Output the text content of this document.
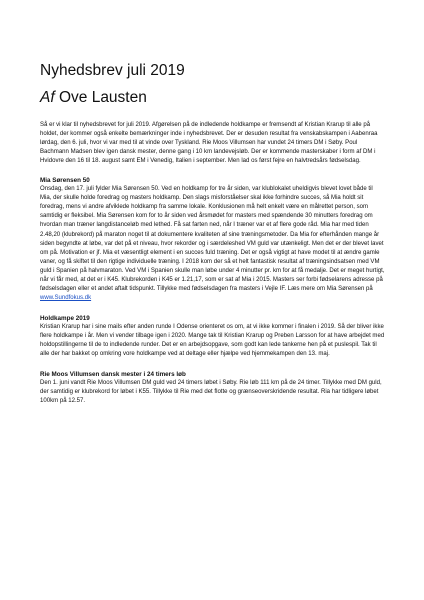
Nyhedsbrev juli 2019
Af Ove Lausten

Så er vi klar til nyhedsbrevet for juli 2019. Afgørelsen på de indledende holdkampe er fremsendt af Kristian Krarup til alle på holdet, der kommer også enkelte bemærkninger inde i nyhedsbrevet. Der er desuden resultat fra venskabskampen i Aabenraa lørdag, den 6. juli, hvor vi var med til at vinde over Tyskland. Rie Moos Villumsen har vundet 24 timers DM i Søby. Poul Bachmann Madsen blev igen dansk mester, denne gang i 10 km landevejsløb. Der er kommende masterskaber i form af DM i Hvidovre den 16 til 18. august samt EM i Venedig, Italien i september. Men lad os først fejre en halvtredsårs fødselsdag.

Mia Sørensen 50

Onsdag, den 17. juli fylder Mia Sørensen 50. Ved en holdkamp for tre år siden, var klublokalet uheldigvis blevet lovet både til Mia, der skulle holde foredrag og masters holdkamp. Den slags misforståelser skal ikke forhindre succes, så Mia holdt sit foredrag, mens vi andre afviklede holdkamp fra samme lokale. Konklusionen må helt enkelt være en målrettet person, som samtidig er fleksibel. Mia Sørensen kom for to år siden ved årsmødet for masters med spændende 30 minutters foredrag om hvordan man træner langdistanceløb med lethed. Få sat farten ned, når I træner var et af flere gode råd. Mia har med tiden 2.48,20 (klubrekord) på maraton noget til at dokumentere kvaliteten af sine træningsmetoder. Da Mia for efterhånden mange år siden begyndte at løbe, var det på et niveau, hvor rekorder og i særdeleshed VM guld var utænkeligt. Men det er der blevet lavet om på. Motivation er jf. Mia et væsentligt element i en succes fuld træning. Det er også vigtigt at have modet til at ændre gamle vaner, og få skiftet til den rigtige individuelle træning. I 2018 kom der så et helt fantastisk resultat af træningsindsatsen med VM guld i Spanien på halvmaraton. Ved VM i Spanien skulle man løbe under 4 minutter pr. km for at få medalje. Det er meget hurtigt, når vi får med, at det er i K45. Klubrekorden i K45 er 1.21,17, som er sat af Mia i 2015. Masters ser forbi fødselarens adresse på fødselsdagen eller et andet aftalt tidspunkt. Tillykke med fødselsdagen fra masters i Vejle IF. Læs mere om Mia Sørensen på www.Sundfokus.dk

Holdkampe 2019

Kristian Krarup har i sine mails efter anden runde I Odense orienteret os om, at vi ikke kommer i finalen i 2019. Så der bliver ikke flere holdkampe i år. Men vi vender tilbage igen i 2020. Mange tak til Kristian Krarup og Preben Larsson for at have arbejdet med holdopstillingerne til de to indledende runder. Det er en arbejdsopgave, som godt kan lede tankerne hen på et puslespil. Tak til alle der har bakket op omkring vore holdkampe ved at deltage eller hjælpe ved hjemmekampen den 13. maj.

Rie Moos Villumsen dansk mester i 24 timers løb

Den 1. juni vandt Rie Moos Villumsen DM guld ved 24 timers løbet i Søby. Rie løb 111 km på de 24 timer. Tillykke med DM guld, der samtidig er klubrekord for løbet i K55. Tillykke til Rie med det flotte og grænseoverskridende resultat. Ria har tidligere løbet 100km på 12.57.
